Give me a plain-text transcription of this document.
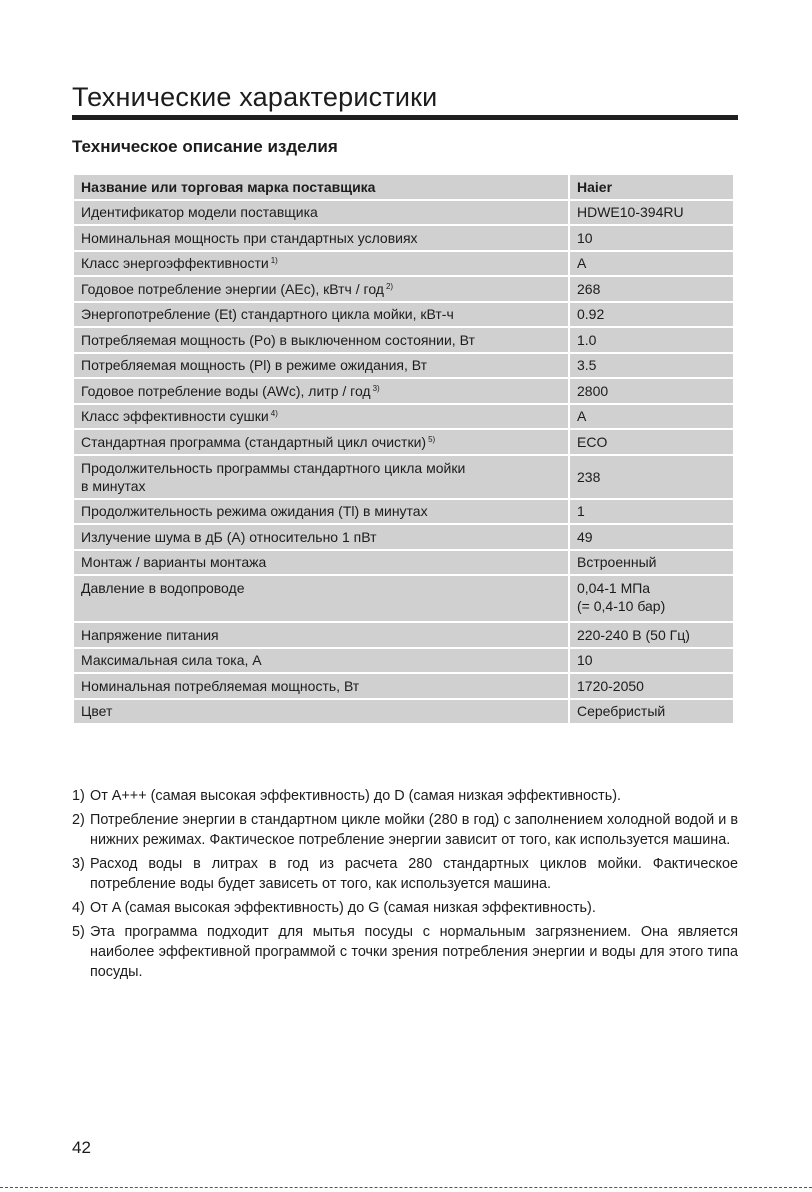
Технические характеристики
Техническое описание изделия
Название или торговая марка поставщика	Haier
Идентификатор модели поставщика	HDWE10-394RU
Номинальная мощность при стандартных условиях	10
Класс энергоэффективности $^{1)}$	A
Годовое потребление энергии (AEc), кВтч / год $^{2)}$	268
Энергопотребление (Et) стандартного цикла мойки, кВт-ч	0.92
Потребляемая мощность (Po) в выключенном состоянии, Вт	1.0
Потребляемая мощность (Pl) в режиме ожидания, Вт	3.5
Годовое потребление воды (AWc), литр / год $^{3)}$	2800
Класс эффективности сушки $^{4)}$	A
Стандартная программа (стандартный цикл очистки) $^{5)}$	ECO
Продолжительность программы стандартного цикла мойки
в минутах	238
Продолжительность режима ожидания (Tl) в минутах	1
Излучение шума в дБ (A) относительно 1 пВт	49
Монтаж / варианты монтажа	Встроенный
Давление в водопроводе	0,04-1 МПа
(= 0,4-10 бар)
Напряжение питания	220-240 В (50 Гц)
Максимальная сила тока, А	10
Номинальная потребляемая мощность, Вт	1720-2050
Цвет	Серебристый
1) От A+++ (самая высокая эффективность) до D (самая низкая эффективность).
2) Потребление энергии в стандартном цикле мойки (280 в год) с заполнением холодной водой и в нижних режимах. Фактическое потребление энергии зависит от того, как используется машина.
3) Расход воды в литрах в год из расчета 280 стандартных циклов мойки. Фактическое потребление воды будет зависеть от того, как используется машина.
4) От A (самая высокая эффективность) до G (самая низкая эффективность).
5) Эта программа подходит для мытья посуды с нормальным загрязнением. Она является наиболее эффективной программой с точки зрения потребления энергии и воды для этого типа посуды.
42
